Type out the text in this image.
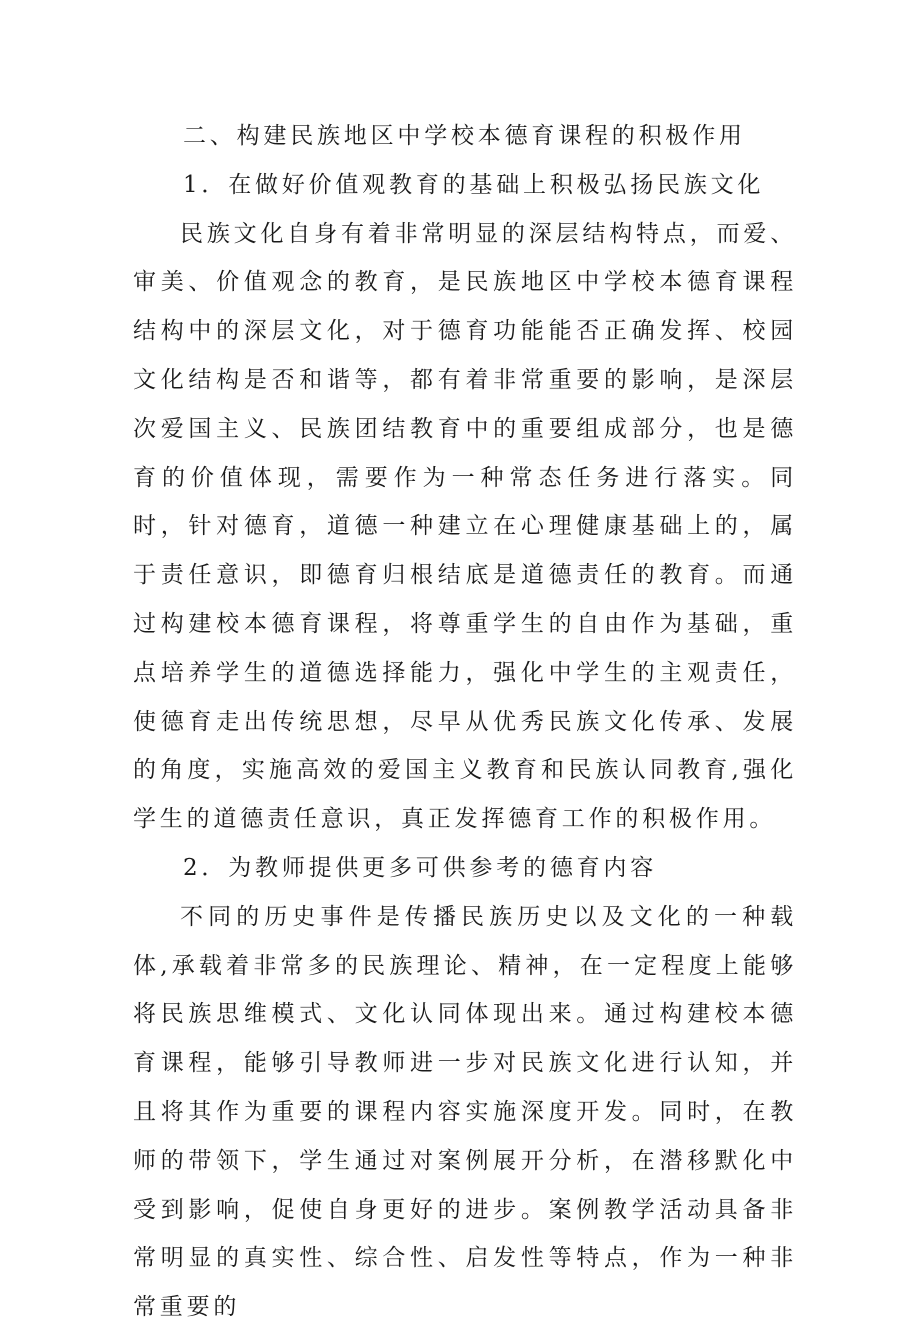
二、构建民族地区中学校本德育课程的积极作用

1．在做好价值观教育的基础上积极弘扬民族文化

民族文化自身有着非常明显的深层结构特点，而爱、审美、价值观念的教育，是民族地区中学校本德育课程结构中的深层文化，对于德育功能能否正确发挥、校园文化结构是否和谐等，都有着非常重要的影响，是深层次爱国主义、民族团结教育中的重要组成部分，也是德育的价值体现，需要作为一种常态任务进行落实。同时，针对德育，道德一种建立在心理健康基础上的，属于责任意识，即德育归根结底是道德责任的教育。而通过构建校本德育课程，将尊重学生的自由作为基础，重点培养学生的道德选择能力，强化中学生的主观责任，使德育走出传统思想，尽早从优秀民族文化传承、发展的角度，实施高效的爱国主义教育和民族认同教育,强化学生的道德责任意识，真正发挥德育工作的积极作用。

2．为教师提供更多可供参考的德育内容

不同的历史事件是传播民族历史以及文化的一种载体,承载着非常多的民族理论、精神，在一定程度上能够将民族思维模式、文化认同体现出来。通过构建校本德育课程，能够引导教师进一步对民族文化进行认知，并且将其作为重要的课程内容实施深度开发。同时，在教师的带领下，学生通过对案例展开分析，在潜移默化中受到影响，促使自身更好的进步。案例教学活动具备非常明显的真实性、综合性、启发性等特点，作为一种非常重要的
